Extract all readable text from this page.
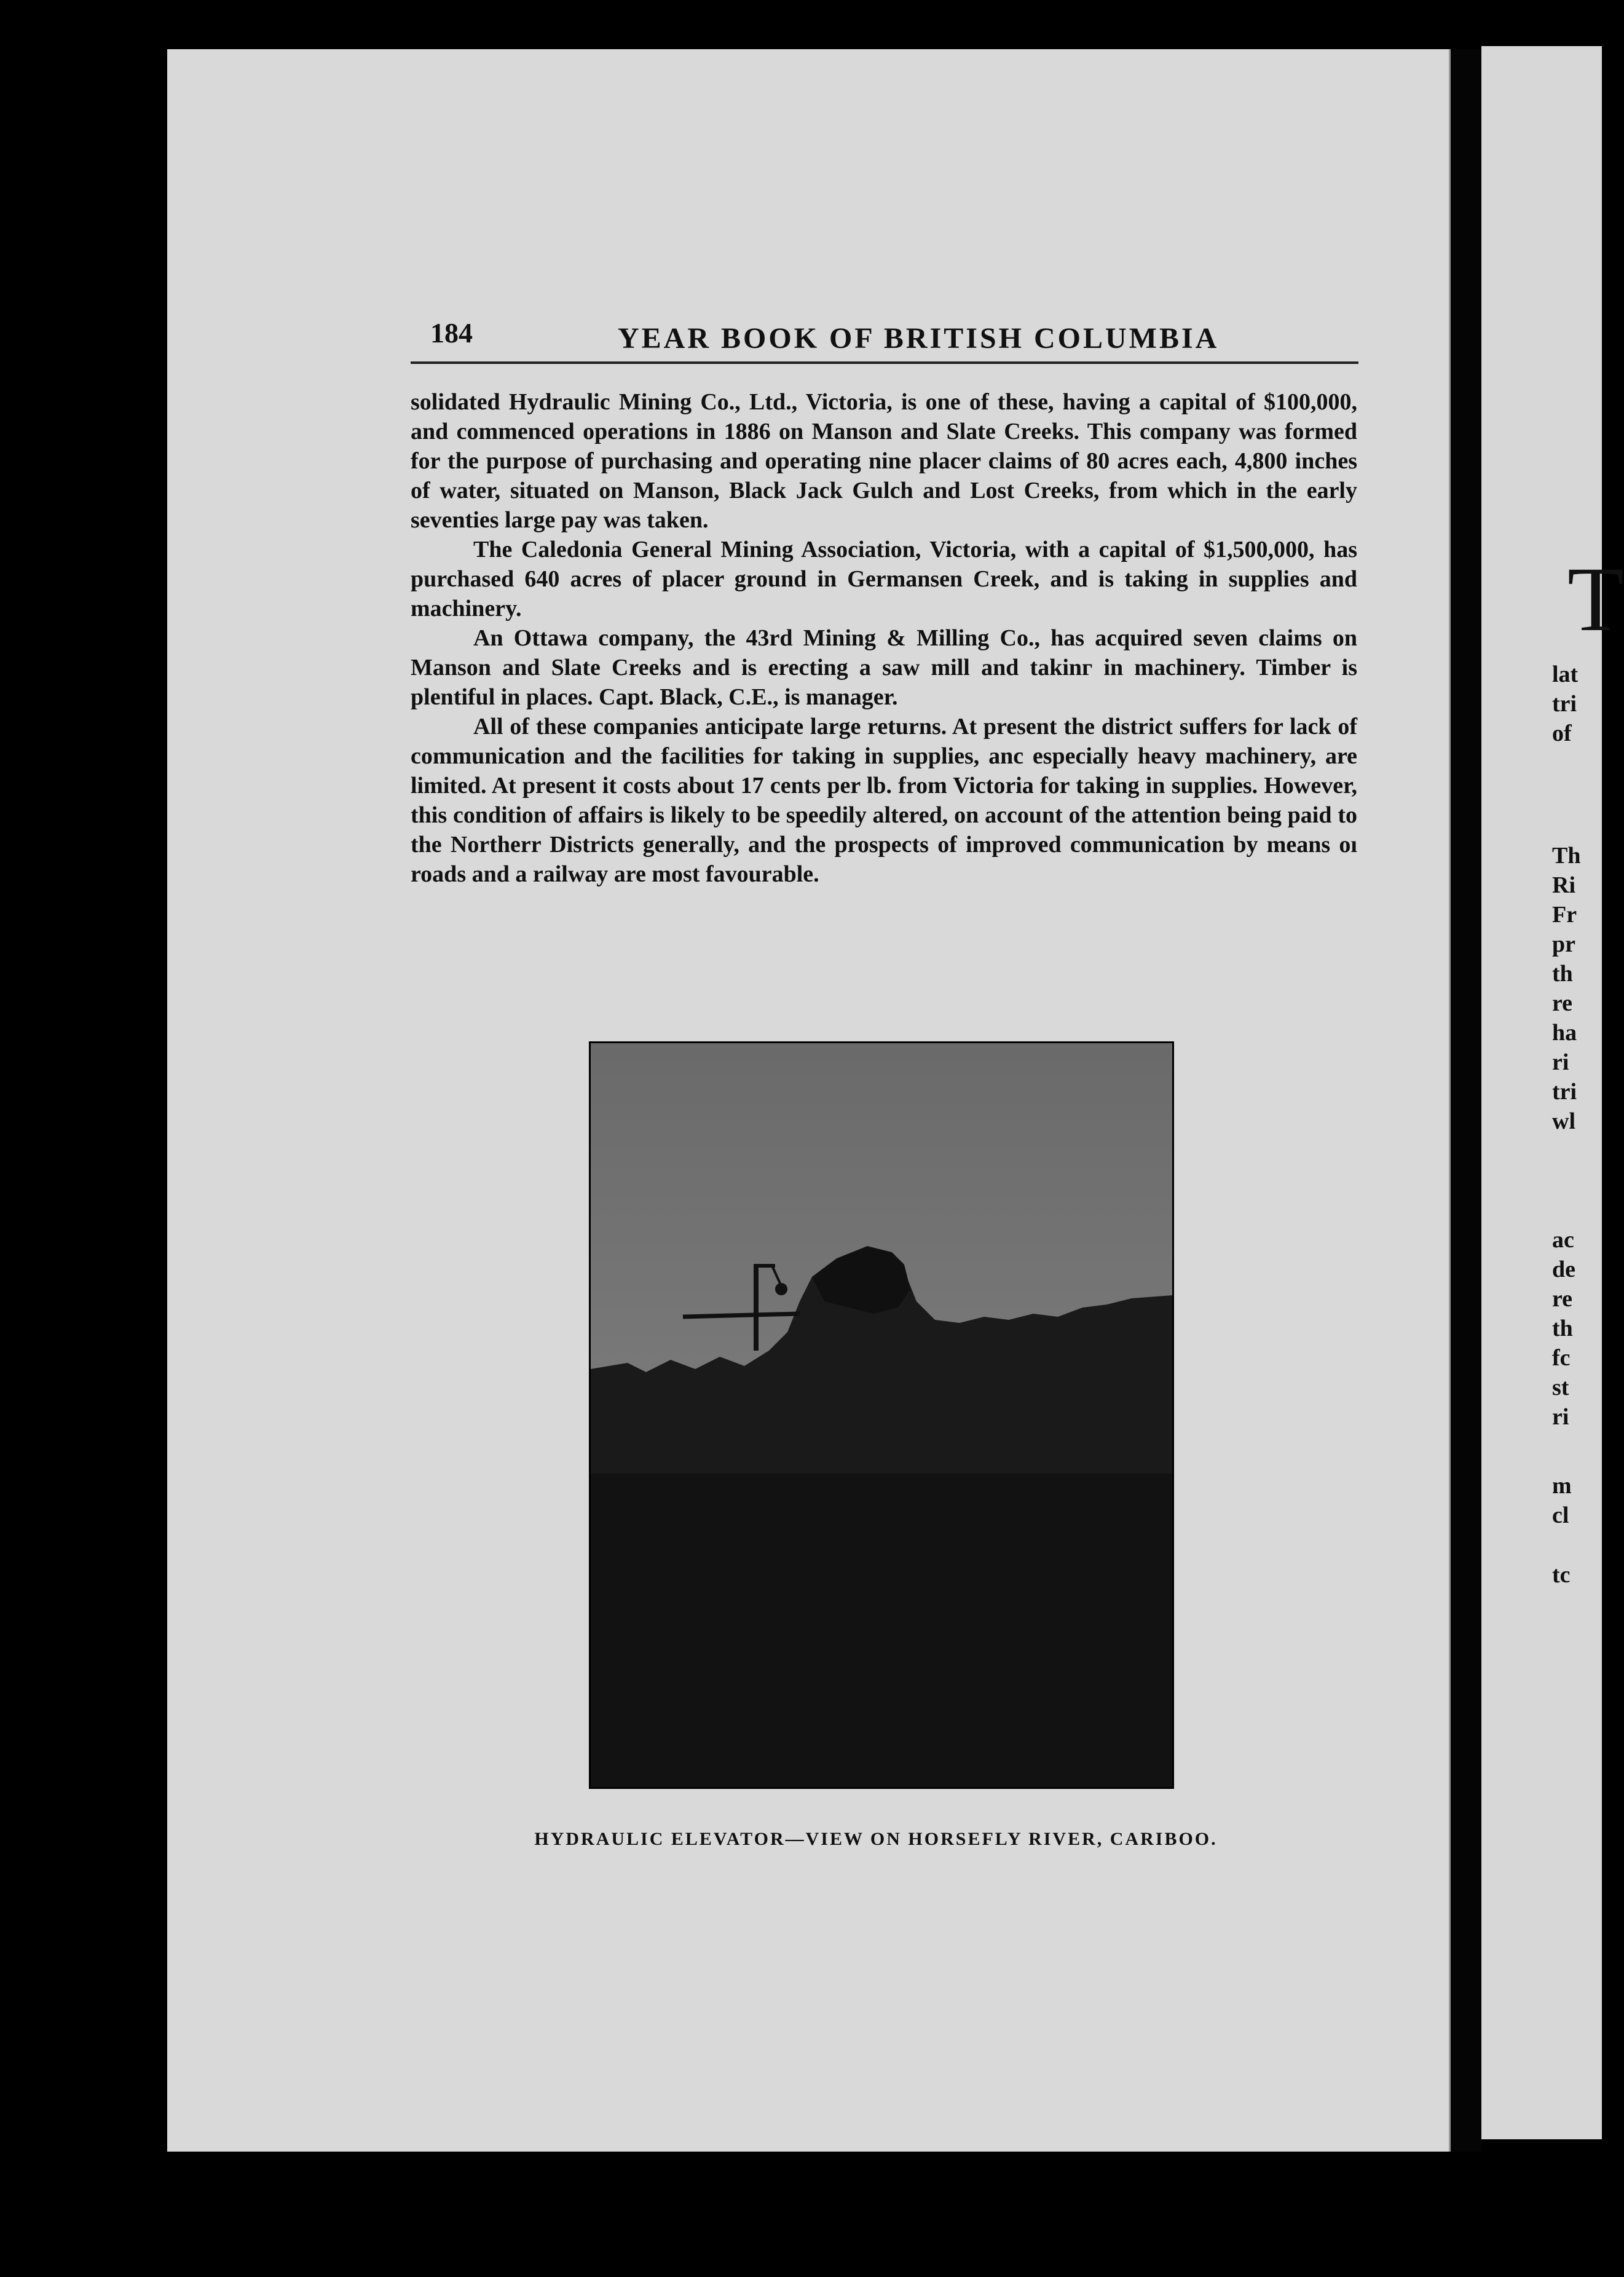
184	YEAR BOOK OF BRITISH COLUMBIA

solidated Hydraulic Mining Co., Ltd., Victoria, is one of these, having a capital of $100,000, and commenced operations in 1886 on Manson and Slate Creeks. This company was formed for the purpose of purchasing and operating nine placer claims of 80 acres each, 4,800 inches of water, situated on Manson, Black Jack Gulch and Lost Creeks, from which in the early seventies large pay was taken.

The Caledonia General Mining Association, Victoria, with a capital of $1,500,000, has purchased 640 acres of placer ground in Germansen Creek, and is taking in supplies and machinery.

An Ottawa company, the 43rd Mining & Milling Co., has acquired seven claims on Manson and Slate Creeks and is erecting a saw mill and takinг in machinery. Timber is plentiful in places. Capt. Black, C.E., is manager.

All of these companies anticipate large returns. At present the district suffers for lack of communication and the facilities for taking in supplies, anc especially heavy machinery, are limited. At present it costs about 17 cents per lb. from Victoria for taking in supplies. However, this condition of affairs is likely to be speedily altered, on account of the attention being paid to the Northerr Districts generally, and the prospects of improved communication by means oı roads and a railway are most favourable.

HYDRAULIC ELEVATOR—VIEW ON HORSEFLY RIVER, CARIBOO.
T
lat
tri
of
Th
Ri
Fr
pr
th
re
ha
ri
tri
wl
ac
de
re
th
fc
st
ri
m
cl
tc
